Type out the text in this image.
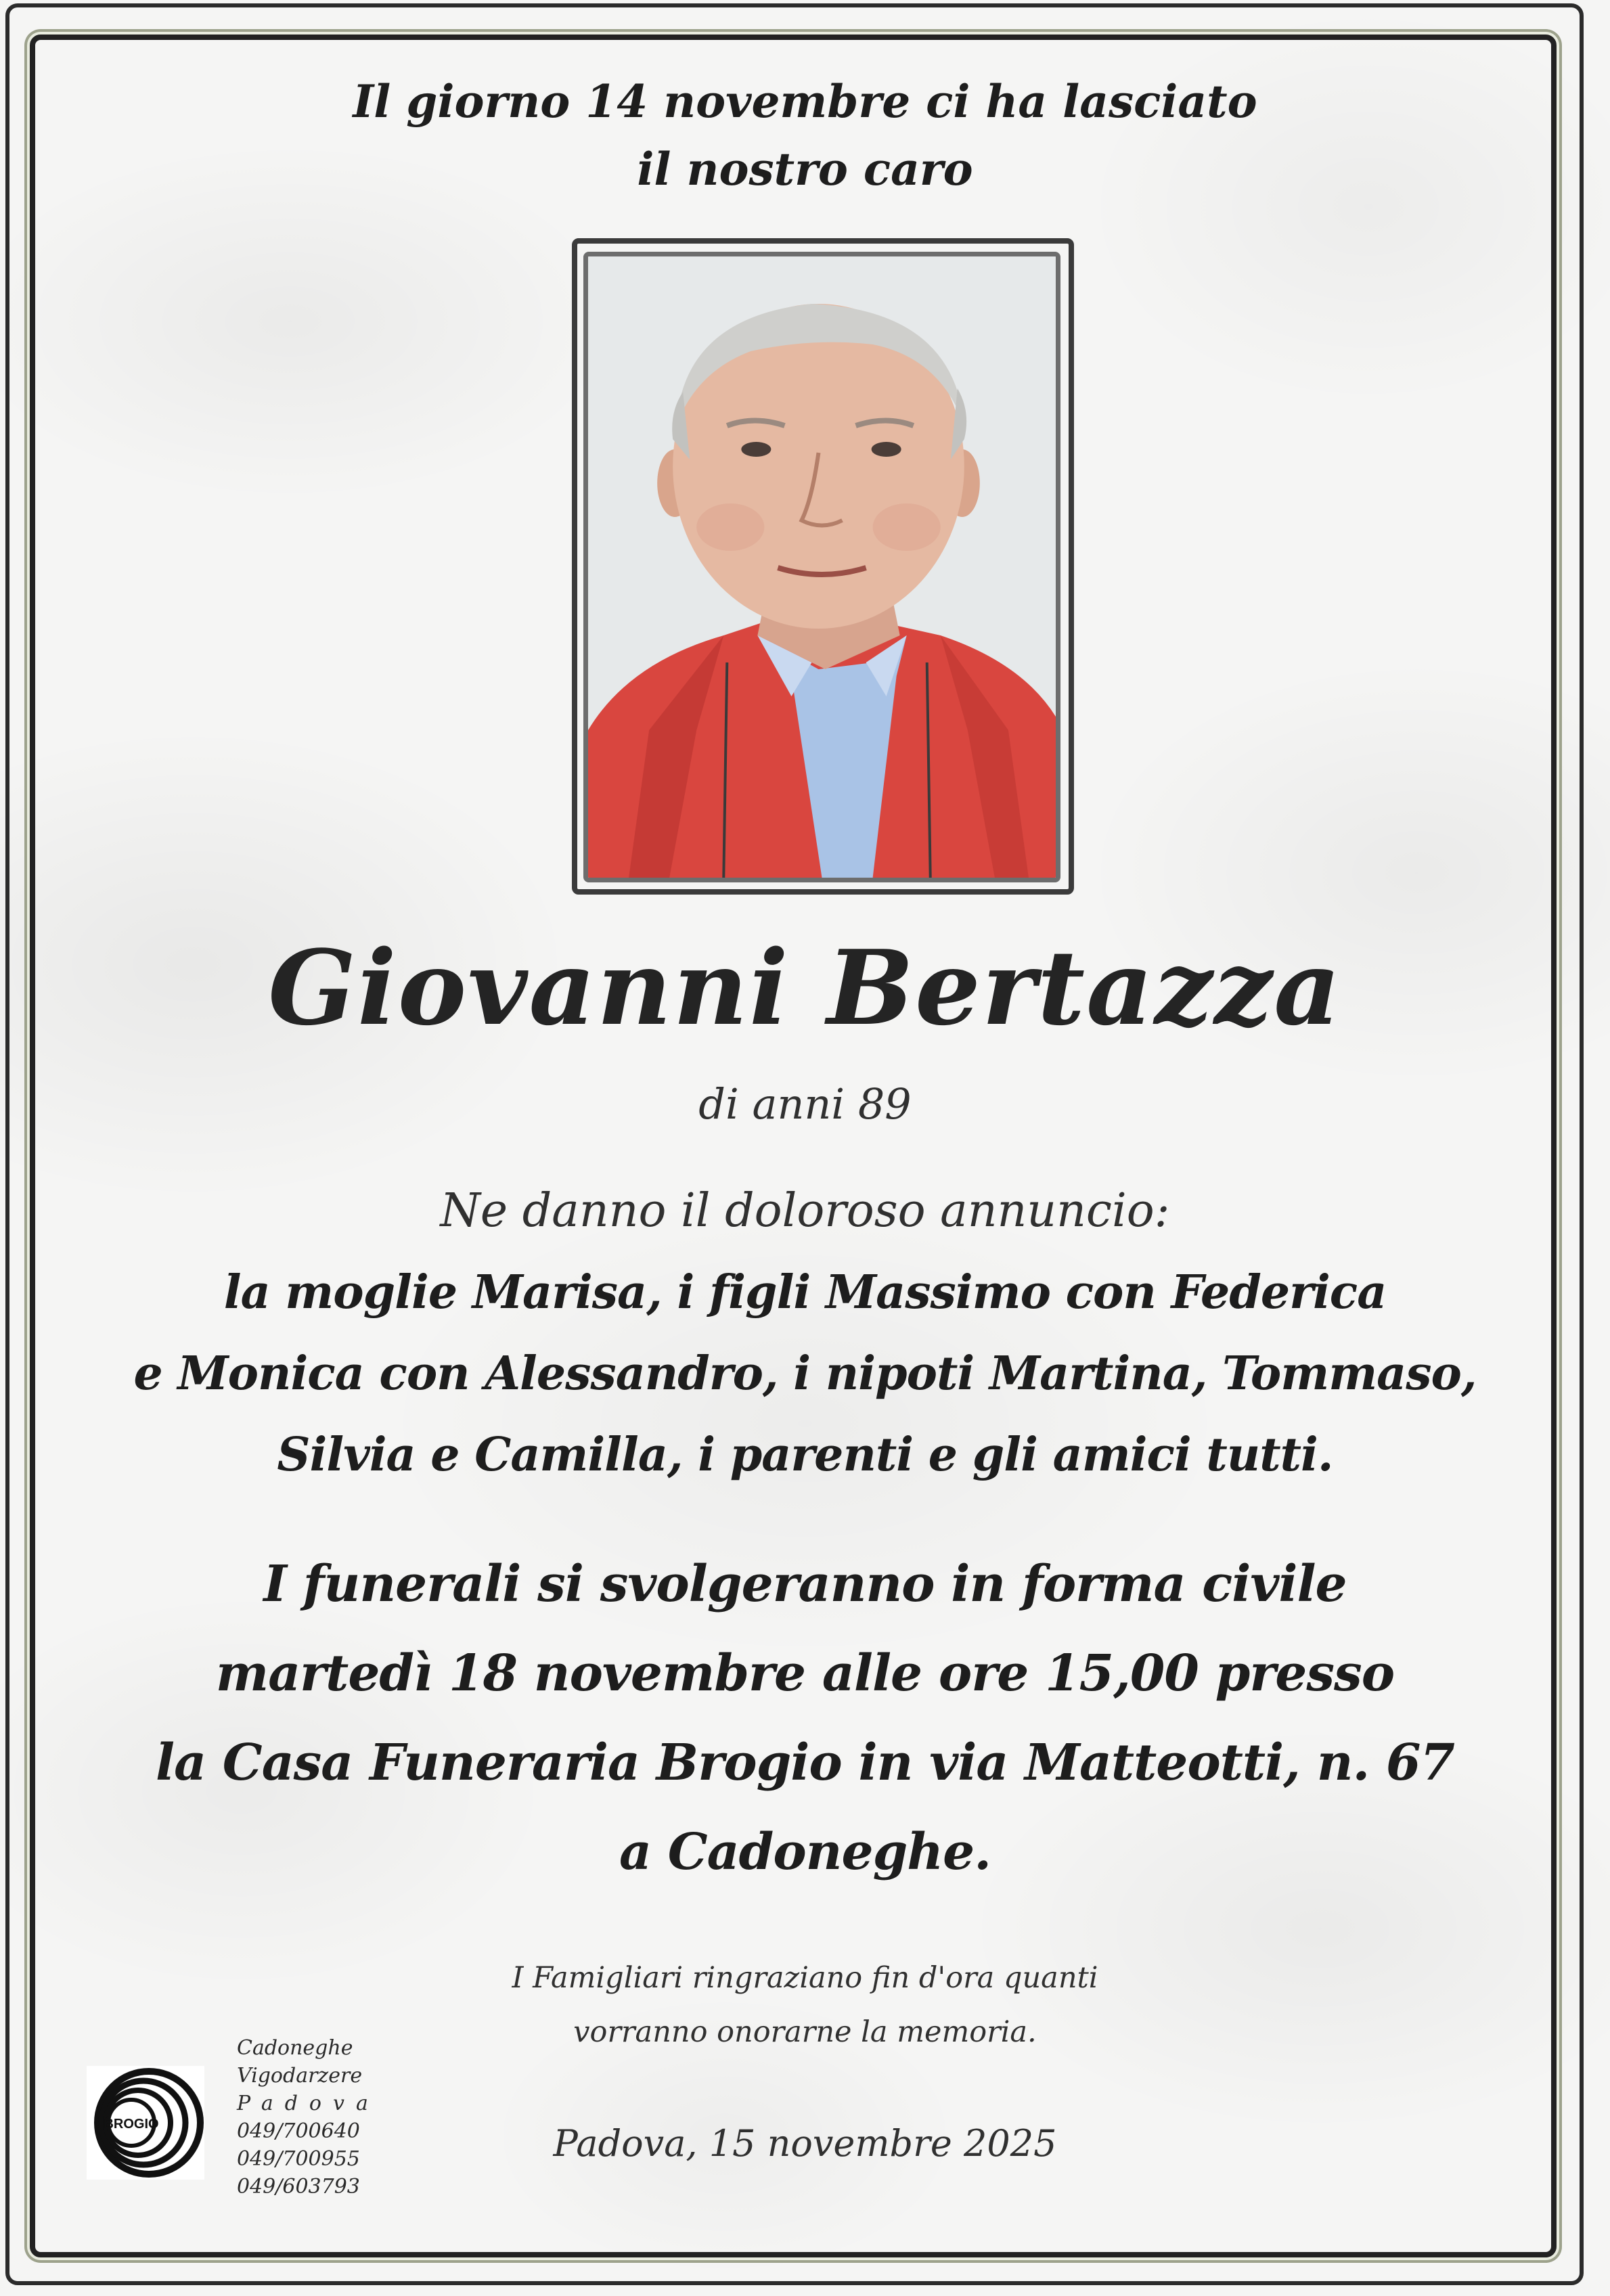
Il giorno 14 novembre ci ha lasciato

il nostro caro

Giovanni Bertazza

di anni 89

Ne danno il doloroso annuncio:

la moglie Marisa, i figli Massimo con Federica

e Monica con Alessandro, i nipoti Martina, Tommaso,

Silvia e Camilla, i parenti e gli amici tutti.

I funerali si svolgeranno in forma civile

martedì 18 novembre alle ore 15,00 presso

la Casa Funeraria Brogio in via Matteotti, n. 67

a Cadoneghe.

I Famigliari ringraziano fin d'ora quanti

vorranno onorarne la memoria.

Padova, 15 novembre 2025

BROGIO
Cadoneghe
Vigodarzere
Padova
049/700640
049/700955
049/603793
